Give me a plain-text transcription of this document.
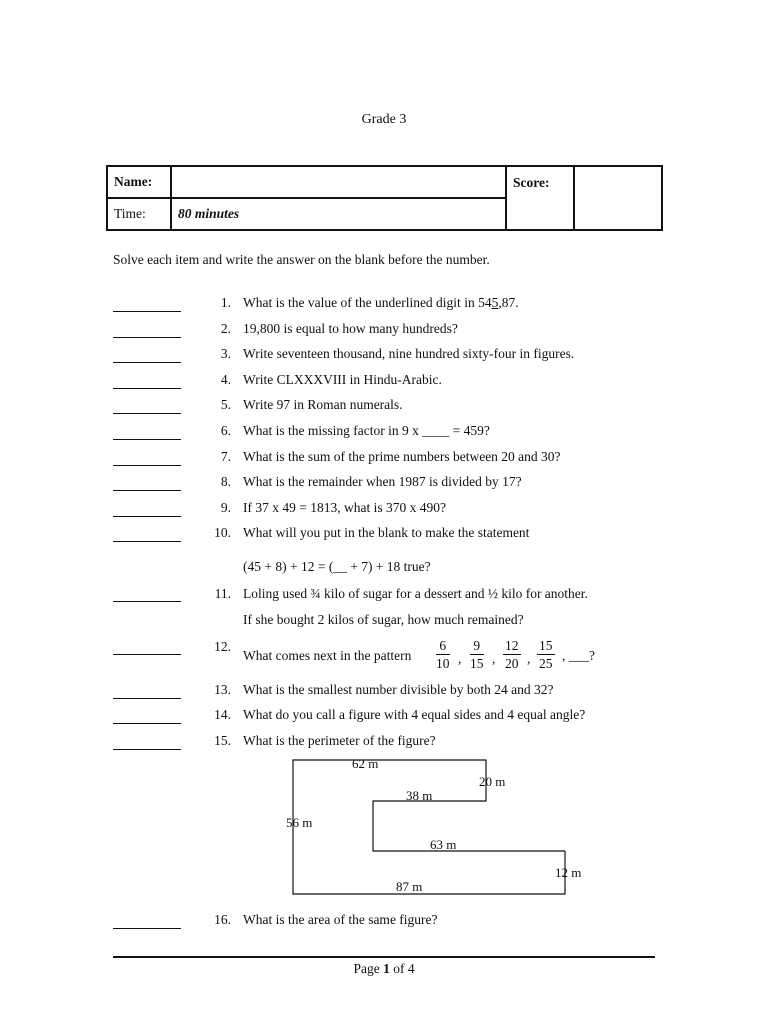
Grade 3
Name:		Score:	
Time:	80 minutes		
Solve each item and write the answer on the blank before the number.
1. What is the value of the underlined digit in 545,87.
2. 19,800 is equal to how many hundreds?
3. Write seventeen thousand, nine hundred sixty-four in figures.
4. Write CLXXXVIII in Hindu-Arabic.
5. Write 97 in Roman numerals.
6. What is the missing factor in 9 x ____ = 459?
7. What is the sum of the prime numbers between 20 and 30?
8. What is the remainder when 1987 is divided by 17?
9. If 37 x 49 = 1813, what is 370 x 490?
10. What will you put in the blank to make the statement
(45 + 8) + 12 = (__ + 7) + 18 true?
11. Loling used ¾ kilo of sugar for a dessert and ½ kilo for another.
If she bought 2 kilos of sugar, how much remained?
12.
What comes next in the pattern $\frac{6}{10}$ , $\frac{9}{15}$ , $\frac{12}{20}$ , $\frac{15}{25}$ , ___?
13. What is the smallest number divisible by both 24 and 32?
14. What do you call a figure with 4 equal sides and 4 equal angle?
15. What is the perimeter of the figure?
62 m
20 m
38 m
56 m
63 m
12 m
87 m
16. What is the area of the same figure?
Page 1 of 4
